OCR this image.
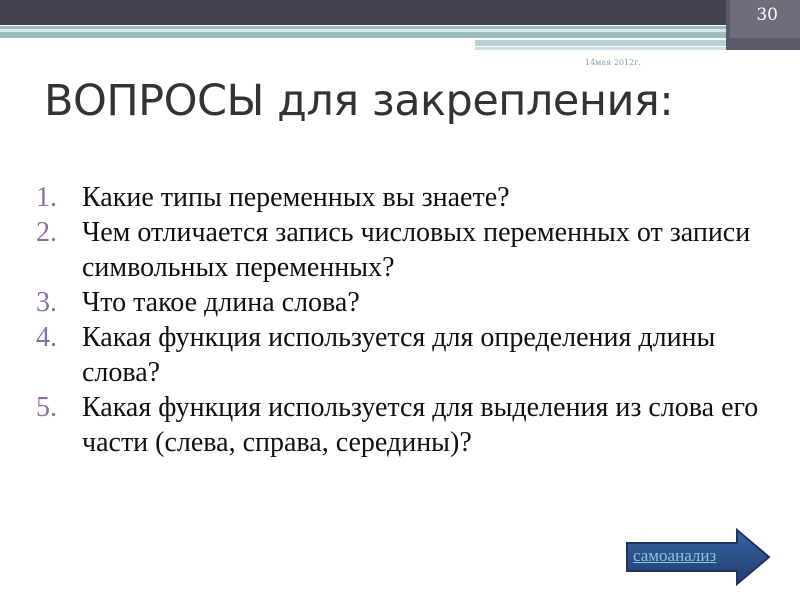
30
14мая 2012г.
ВОПРОСЫ для закрепления:
1. Какие типы переменных вы знаете?
2. Чем отличается запись числовых переменных от записи символьных переменных?
3. Что такое длина слова?
4. Какая функция используется для определения длины слова?
5. Какая функция используется для выделения из слова его части (слева, справа, середины)?
самоанализ
